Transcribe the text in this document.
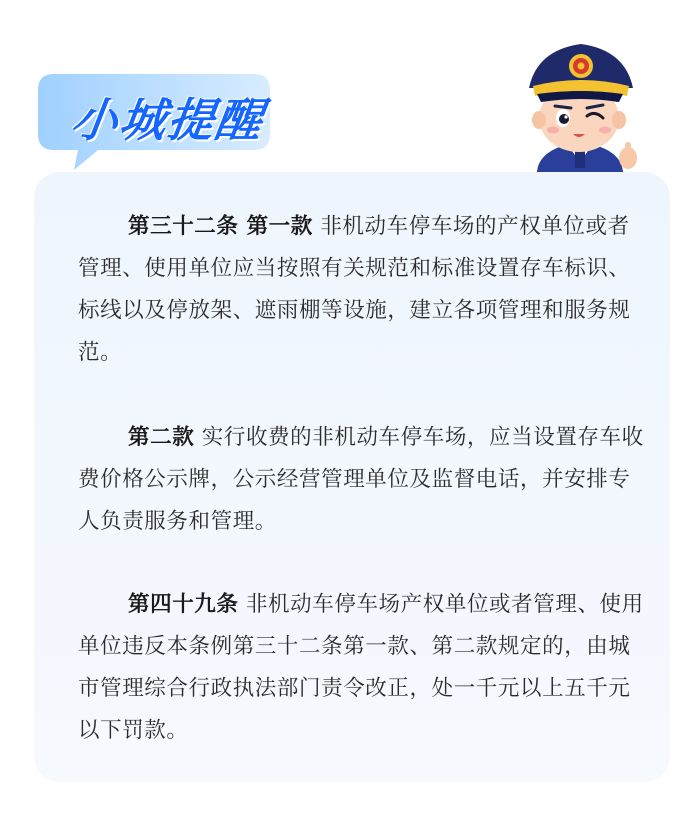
小城提醒
第三十二条 第一款 非机动车停车场的产权单位或者管理、使用单位应当按照有关规范和标准设置存车标识、标线以及停放架、遮雨棚等设施，建立各项管理和服务规范。
第二款 实行收费的非机动车停车场，应当设置存车收费价格公示牌，公示经营管理单位及监督电话，并安排专人负责服务和管理。
第四十九条 非机动车停车场产权单位或者管理、使用单位违反本条例第三十二条第一款、第二款规定的，由城市管理综合行政执法部门责令改正，处一千元以上五千元以下罚款。
